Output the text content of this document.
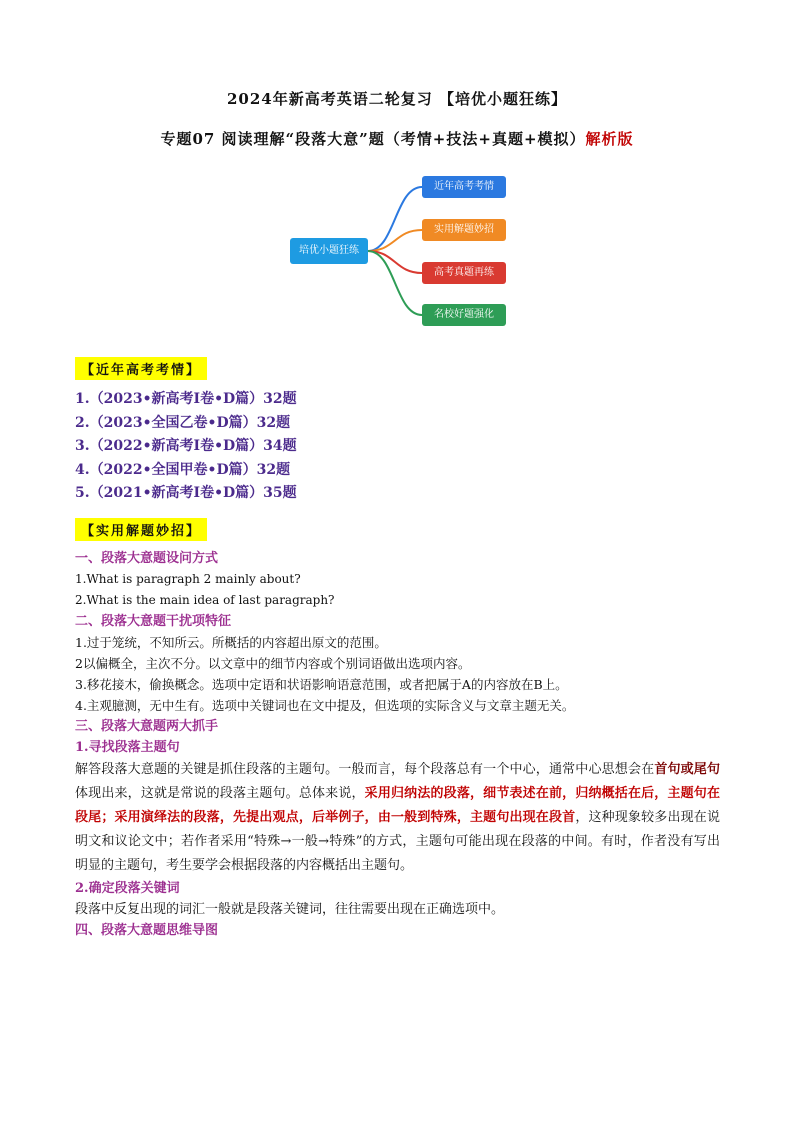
2024年新高考英语二轮复习 【培优小题狂练】
专题07 阅读理解“段落大意”题（考情+技法+真题+模拟）解析版
培优小题狂练
近年高考考情
实用解题妙招
高考真题再练
名校好题强化
【近年高考考情】
1.（2023•新高考Ⅰ卷•D篇）32题
2.（2023•全国乙卷•D篇）32题
3.（2022•新高考Ⅰ卷•D篇）34题
4.（2022•全国甲卷•D篇）32题
5.（2021•新高考Ⅰ卷•D篇）35题
【实用解题妙招】

一、段落大意题设问方式

1.What is paragraph 2 mainly about?

2.What is the main idea of last paragraph?

二、段落大意题干扰项特征

1.过于笼统，不知所云。所概括的内容超出原文的范围。

2以偏概全，主次不分。以文章中的细节内容或个别词语做出选项内容。

3.移花接木，偷换概念。选项中定语和状语影响语意范围，或者把属于A的内容放在B上。

4.主观臆测，无中生有。选项中关键词也在文中提及，但选项的实际含义与文章主题无关。

三、段落大意题两大抓手

1.寻找段落主题句

解答段落大意题的关键是抓住段落的主题句。一般而言，每个段落总有一个中心，通常中心思想会在首句或尾句体现出来，这就是常说的段落主题句。总体来说，采用归纳法的段落，细节表述在前，归纳概括在后，主题句在段尾；采用演绎法的段落，先提出观点，后举例子，由一般到特殊，主题句出现在段首，这种现象较多出现在说明文和议论文中；若作者采用“特殊→一般→特殊”的方式，主题句可能出现在段落的中间。有时，作者没有写出明显的主题句，考生要学会根据段落的内容概括出主题句。

2.确定段落关键词

段落中反复出现的词汇一般就是段落关键词，往往需要出现在正确选项中。

四、段落大意题思维导图
